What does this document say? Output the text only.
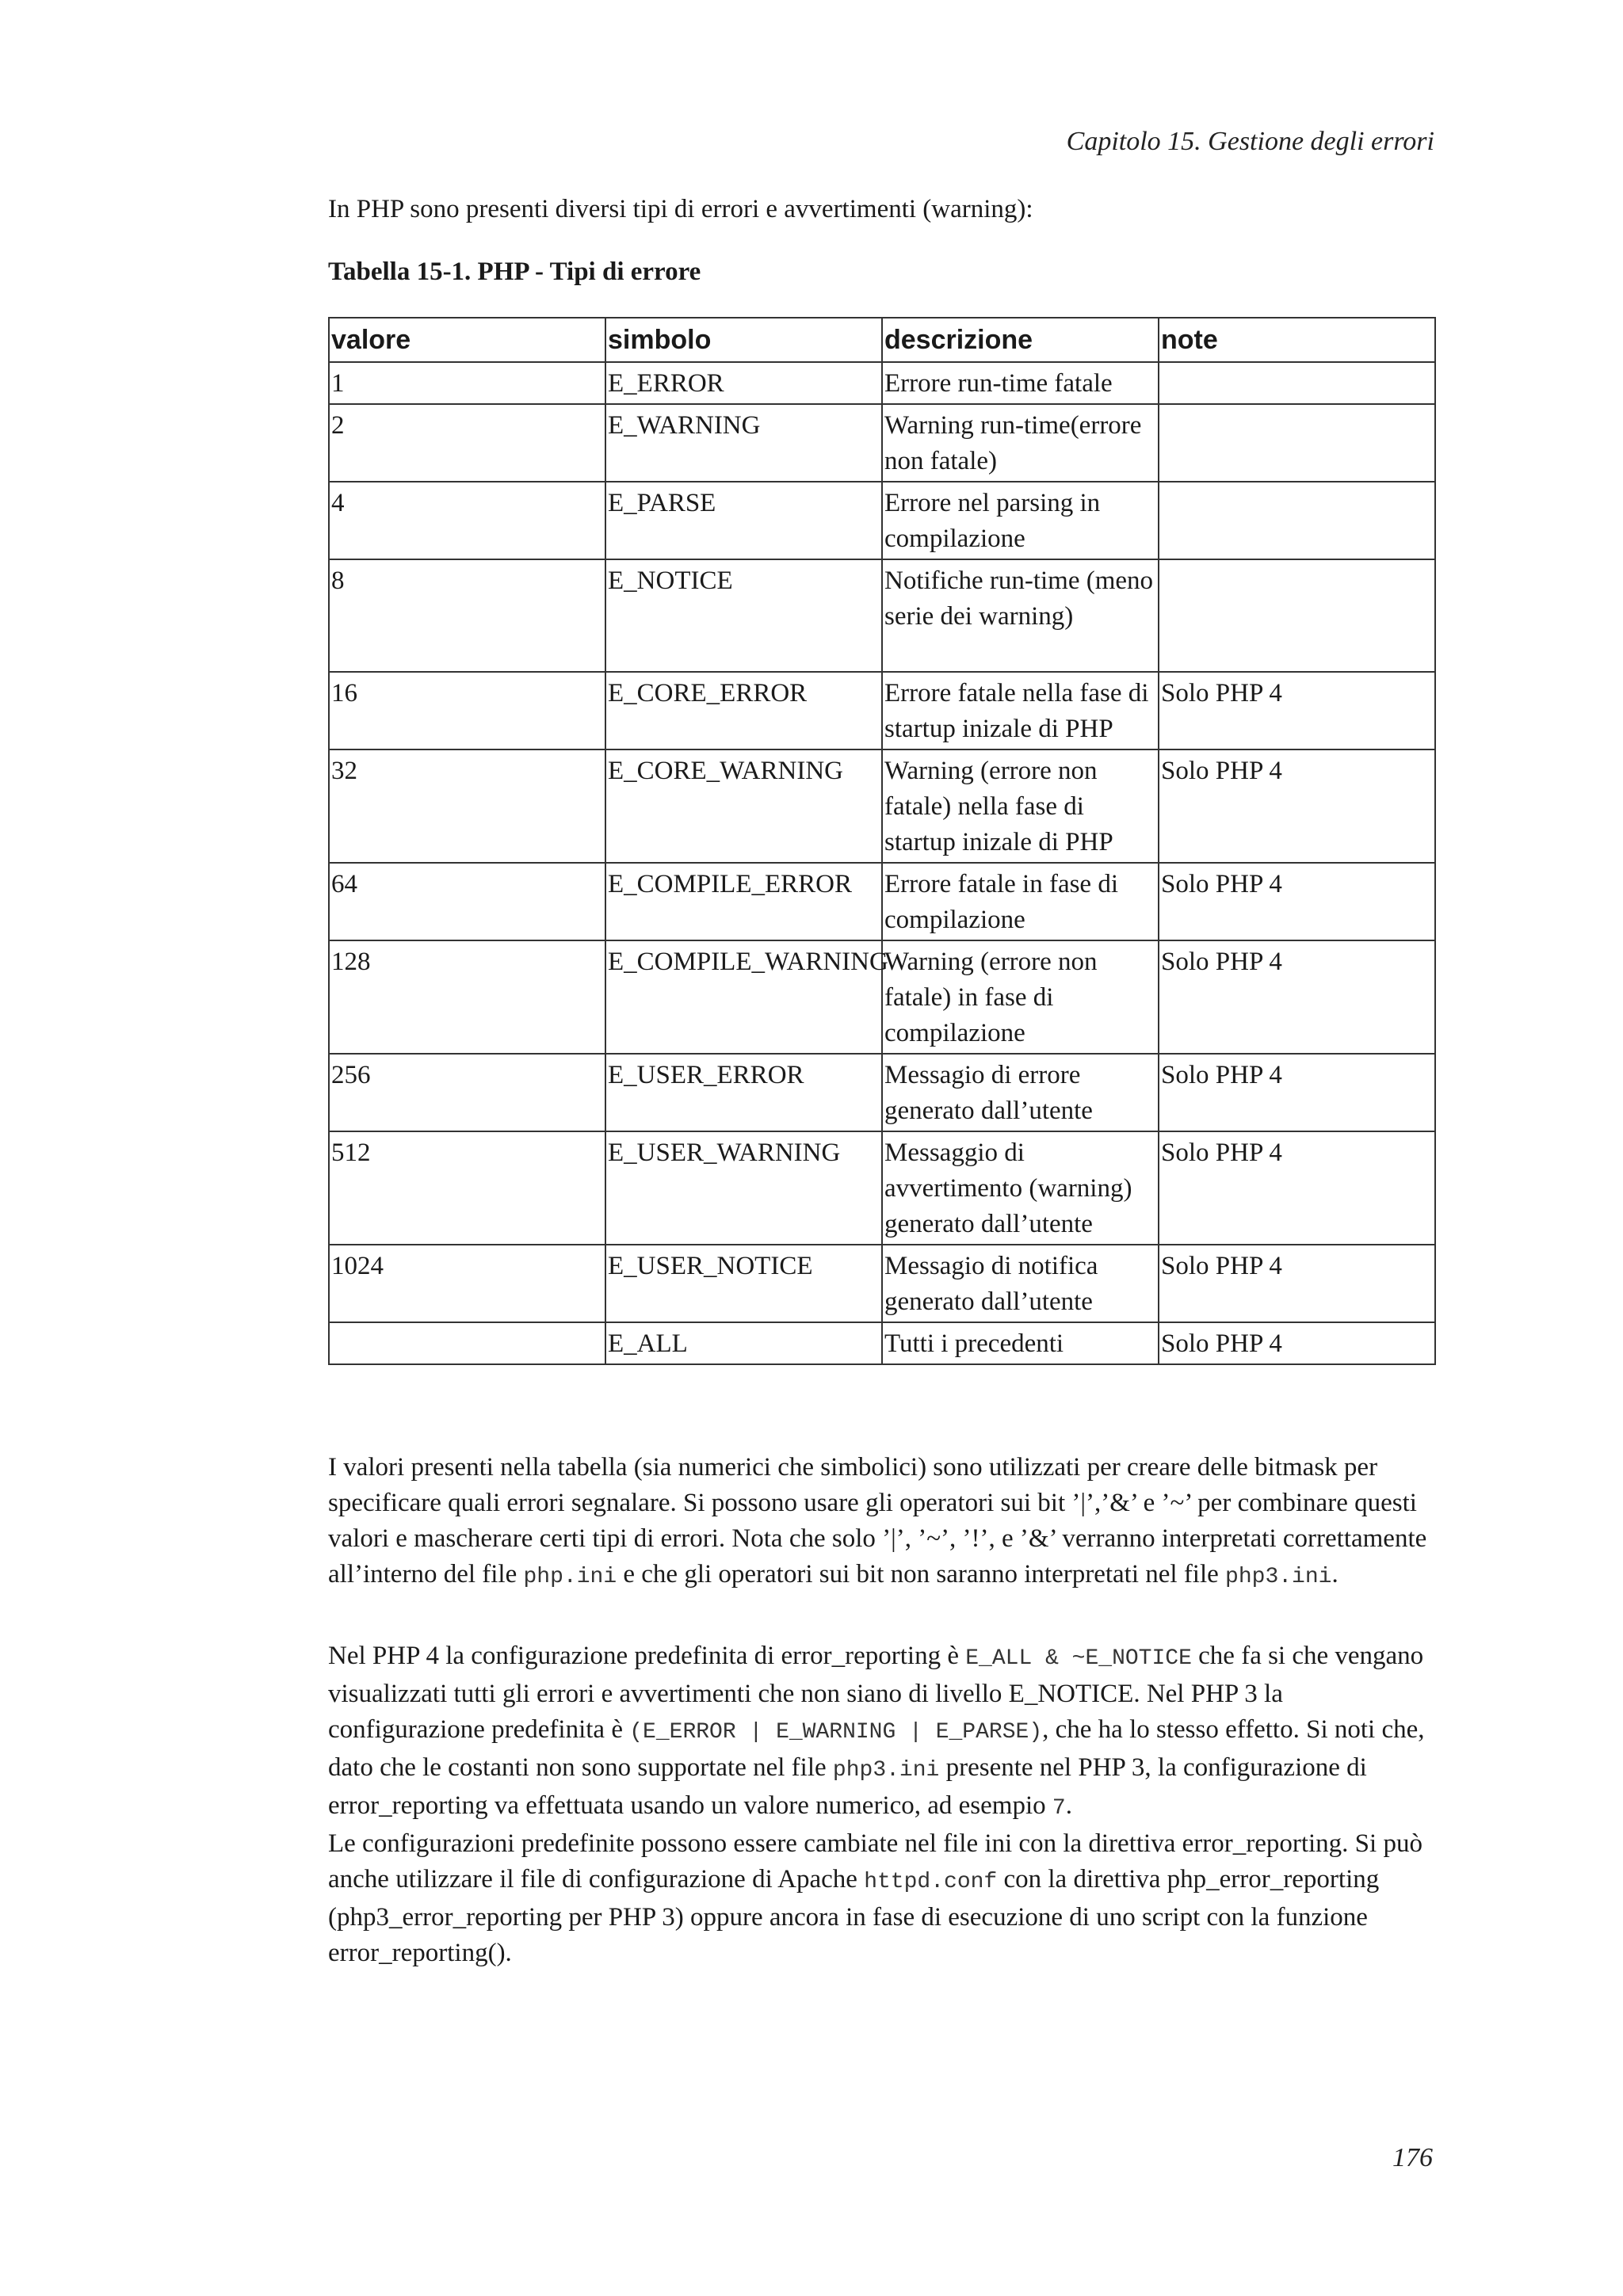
Capitolo 15. Gestione degli errori

In PHP sono presenti diversi tipi di errori e avvertimenti (warning):

Tabella 15-1. PHP - Tipi di errore

valore	simbolo	descrizione	note
1	E_ERROR	Errore run-time fatale	
2	E_WARNING	Warning run-time(errore non fatale)	
4	E_PARSE	Errore nel parsing in compilazione	
8	E_NOTICE	Notifiche run-time (meno serie dei warning)	
16	E_CORE_ERROR	Errore fatale nella fase di startup inizale di PHP	Solo PHP 4
32	E_CORE_WARNING	Warning (errore non fatale) nella fase di startup inizale di PHP	Solo PHP 4
64	E_COMPILE_ERROR	Errore fatale in fase di compilazione	Solo PHP 4
128	E_COMPILE_WARNING	Warning (errore non fatale) in fase di compilazione	Solo PHP 4
256	E_USER_ERROR	Messagio di errore generato dall’utente	Solo PHP 4
512	E_USER_WARNING	Messaggio di avvertimento (warning) generato dall’utente	Solo PHP 4
1024	E_USER_NOTICE	Messagio di notifica generato dall’utente	Solo PHP 4
	E_ALL	Tutti i precedenti	Solo PHP 4

I valori presenti nella tabella (sia numerici che simbolici) sono utilizzati per creare delle bitmask per specificare quali errori segnalare. Si possono usare gli operatori sui bit ’|’,’&’ e ’~’ per combinare questi valori e mascherare certi tipi di errori. Nota che solo ’|’, ’~’, ’!’, e ’&’ verranno interpretati correttamente all’interno del file php.ini e che gli operatori sui bit non saranno interpretati nel file php3.ini.

Nel PHP 4 la configurazione predefinita di error_reporting è E_ALL & ~E_NOTICE che fa si che vengano visualizzati tutti gli errori e avvertimenti che non siano di livello E_NOTICE. Nel PHP 3 la configurazione predefinita è (E_ERROR | E_WARNING | E_PARSE), che ha lo stesso effetto. Si noti che, dato che le costanti non sono supportate nel file php3.ini presente nel PHP 3, la configurazione di error_reporting va effettuata usando un valore numerico, ad esempio 7.

Le configurazioni predefinite possono essere cambiate nel file ini con la direttiva error_reporting. Si può anche utilizzare il file di configurazione di Apache httpd.conf con la direttiva php_error_reporting (php3_error_reporting per PHP 3) oppure ancora in fase di esecuzione di uno script con la funzione error_reporting().

176
